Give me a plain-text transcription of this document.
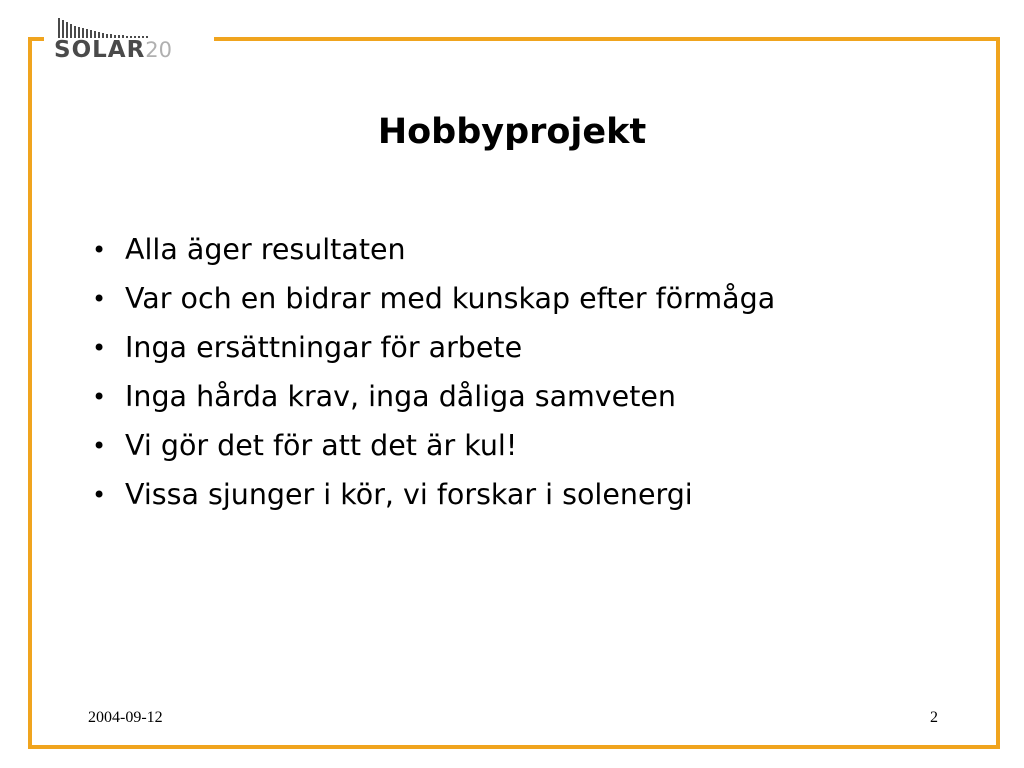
SOLAR20
Hobbyprojekt
• Alla äger resultaten
• Var och en bidrar med kunskap efter förmåga
• Inga ersättningar för arbete
• Inga hårda krav, inga dåliga samveten
• Vi gör det för att det är kul!
• Vissa sjunger i kör, vi forskar i solenergi
2004-09-12	2
